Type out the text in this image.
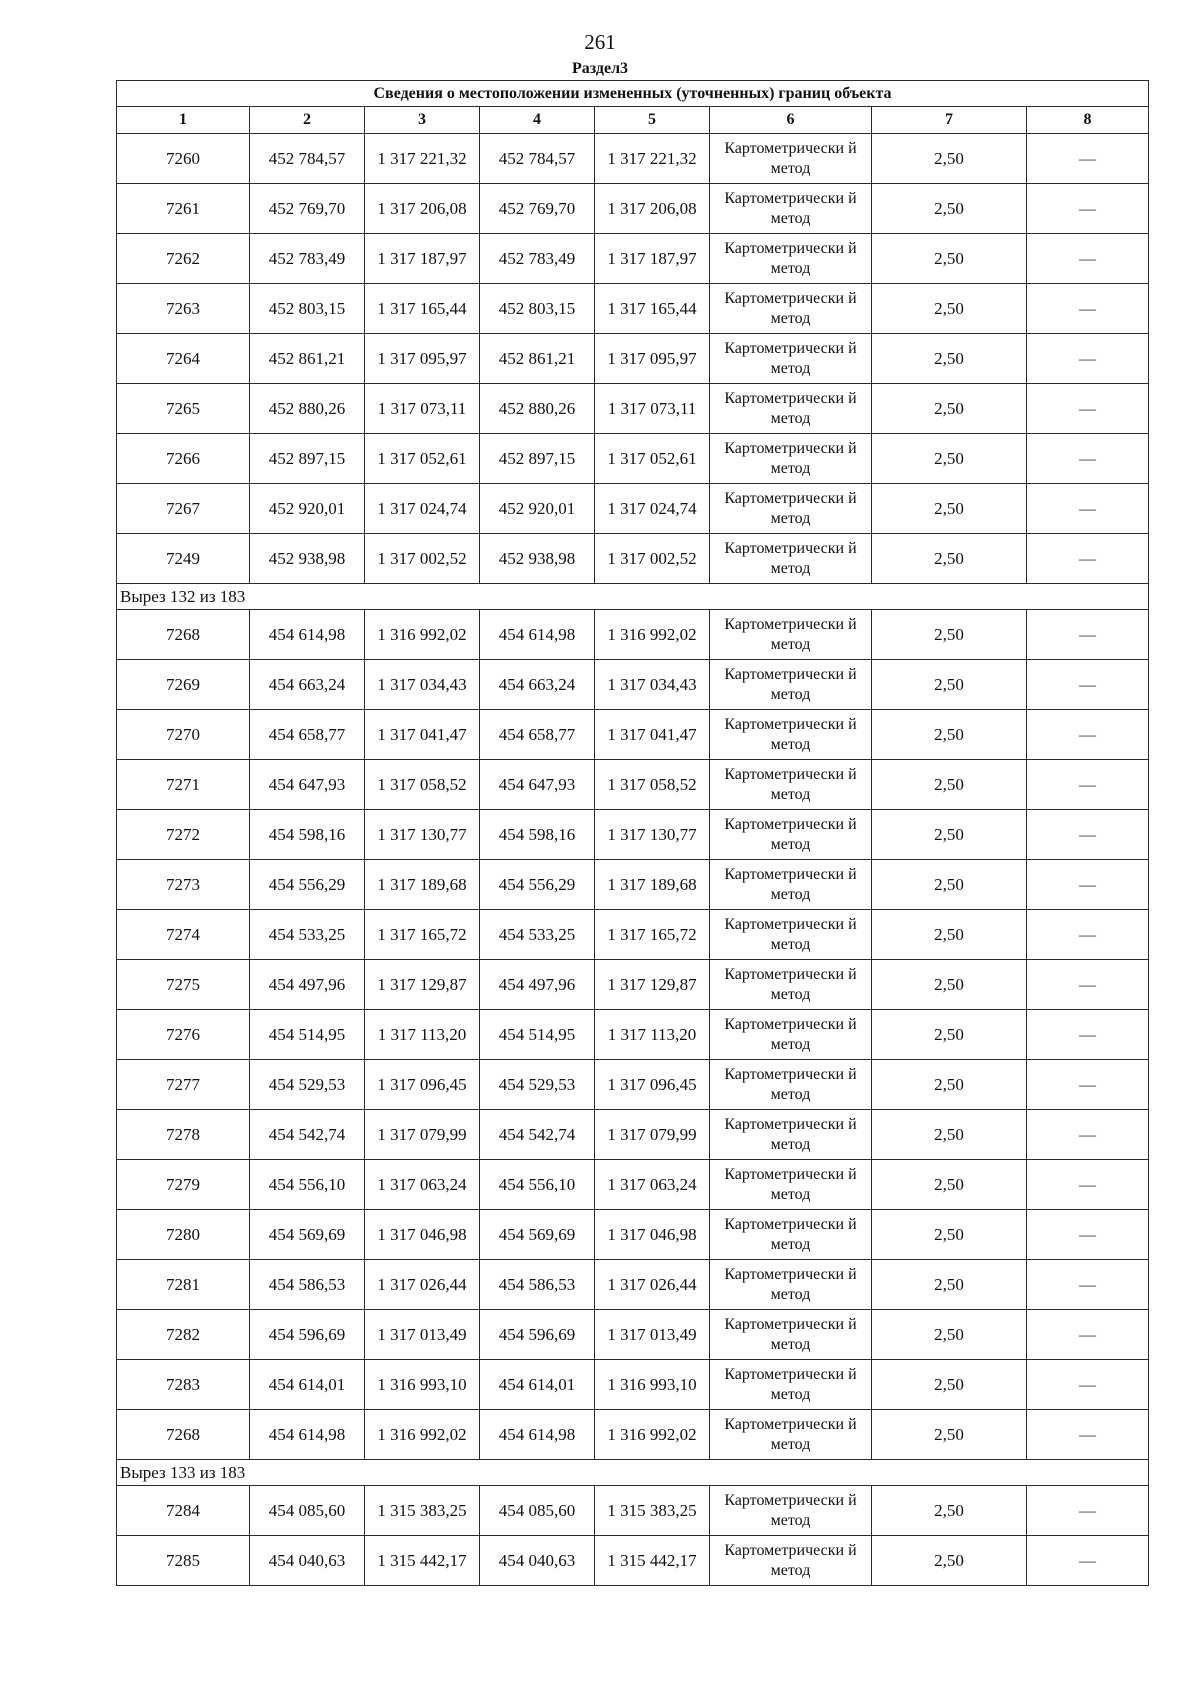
261
Раздел3
Сведения о местоположении измененных (уточненных) границ объекта							
1	2	3	4	5	6	7	8
7260	452 784,57	1 317 221,32	452 784,57	1 317 221,32	Картометрически й метод	2,50	—
7261	452 769,70	1 317 206,08	452 769,70	1 317 206,08	Картометрически й метод	2,50	—
7262	452 783,49	1 317 187,97	452 783,49	1 317 187,97	Картометрически й метод	2,50	—
7263	452 803,15	1 317 165,44	452 803,15	1 317 165,44	Картометрически й метод	2,50	—
7264	452 861,21	1 317 095,97	452 861,21	1 317 095,97	Картометрически й метод	2,50	—
7265	452 880,26	1 317 073,11	452 880,26	1 317 073,11	Картометрически й метод	2,50	—
7266	452 897,15	1 317 052,61	452 897,15	1 317 052,61	Картометрически й метод	2,50	—
7267	452 920,01	1 317 024,74	452 920,01	1 317 024,74	Картометрически й метод	2,50	—
7249	452 938,98	1 317 002,52	452 938,98	1 317 002,52	Картометрически й метод	2,50	—
Вырез 132 из 183							
7268	454 614,98	1 316 992,02	454 614,98	1 316 992,02	Картометрически й метод	2,50	—
7269	454 663,24	1 317 034,43	454 663,24	1 317 034,43	Картометрически й метод	2,50	—
7270	454 658,77	1 317 041,47	454 658,77	1 317 041,47	Картометрически й метод	2,50	—
7271	454 647,93	1 317 058,52	454 647,93	1 317 058,52	Картометрически й метод	2,50	—
7272	454 598,16	1 317 130,77	454 598,16	1 317 130,77	Картометрически й метод	2,50	—
7273	454 556,29	1 317 189,68	454 556,29	1 317 189,68	Картометрически й метод	2,50	—
7274	454 533,25	1 317 165,72	454 533,25	1 317 165,72	Картометрически й метод	2,50	—
7275	454 497,96	1 317 129,87	454 497,96	1 317 129,87	Картометрически й метод	2,50	—
7276	454 514,95	1 317 113,20	454 514,95	1 317 113,20	Картометрически й метод	2,50	—
7277	454 529,53	1 317 096,45	454 529,53	1 317 096,45	Картометрически й метод	2,50	—
7278	454 542,74	1 317 079,99	454 542,74	1 317 079,99	Картометрически й метод	2,50	—
7279	454 556,10	1 317 063,24	454 556,10	1 317 063,24	Картометрически й метод	2,50	—
7280	454 569,69	1 317 046,98	454 569,69	1 317 046,98	Картометрически й метод	2,50	—
7281	454 586,53	1 317 026,44	454 586,53	1 317 026,44	Картометрически й метод	2,50	—
7282	454 596,69	1 317 013,49	454 596,69	1 317 013,49	Картометрически й метод	2,50	—
7283	454 614,01	1 316 993,10	454 614,01	1 316 993,10	Картометрически й метод	2,50	—
7268	454 614,98	1 316 992,02	454 614,98	1 316 992,02	Картометрически й метод	2,50	—
Вырез 133 из 183							
7284	454 085,60	1 315 383,25	454 085,60	1 315 383,25	Картометрически й метод	2,50	—
7285	454 040,63	1 315 442,17	454 040,63	1 315 442,17	Картометрически й метод	2,50	—
